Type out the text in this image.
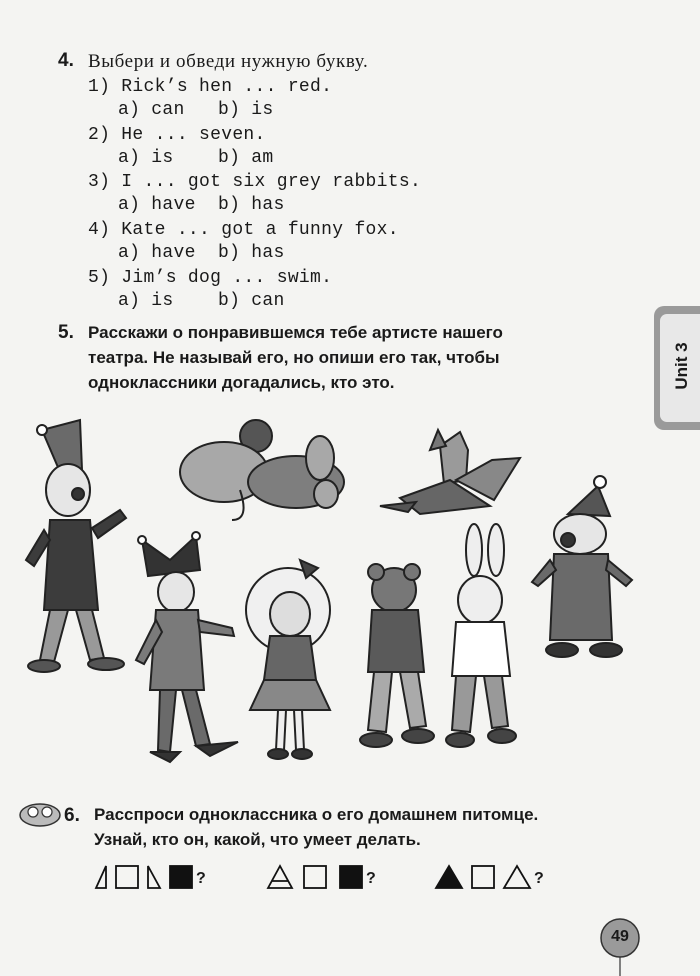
4. Выбери и обведи нужную букву.
1) Rick’s hen ... red.
a) can b) is
2) He ... seven.
a) is b) am
3) I ... got six grey rabbits.
a) have b) has
4) Kate ... got a funny fox.
a) have b) has
5) Jim’s dog ... swim.
a) is b) can
5. Расскажи о понравившемся тебе артисте нашего
театра. Не называй его, но опиши его так, чтобы
одноклассники догадались, кто это.	Unit 3
6. Расспроси одноклассника о его домашнем питомце.
Узнай, кто он, какой, что умеет делать.
?	?	?
49
